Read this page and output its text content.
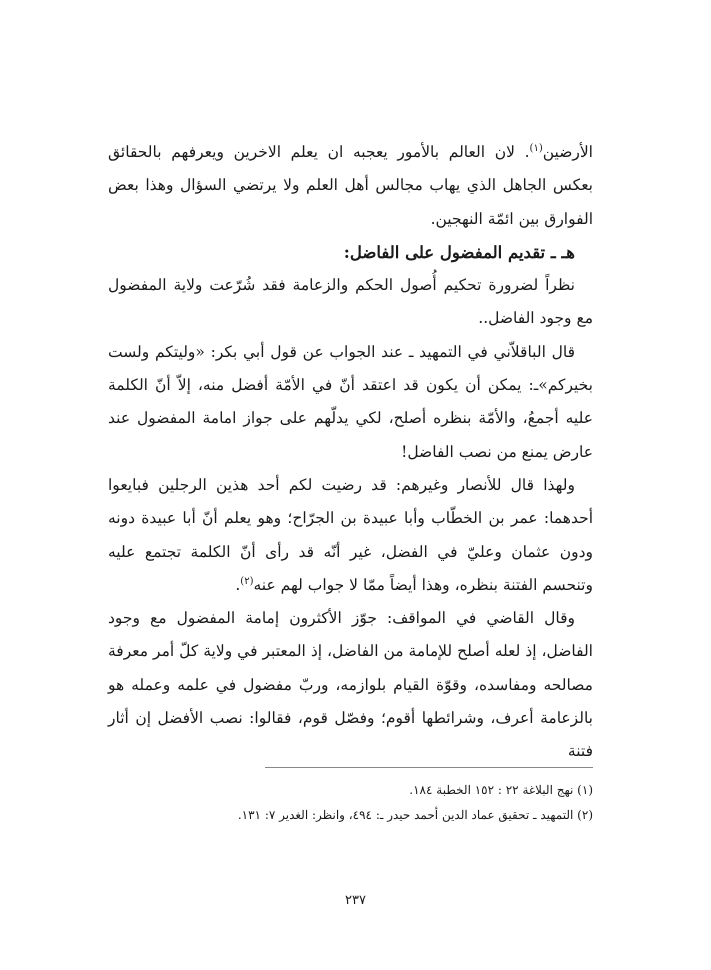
الأرضين$^{(١)}$. لان العالم بالأمور يعجبه ان يعلم الاخرين ويعرفهم بالحقائق بعكس الجاهل الذي يهاب مجالس أهل العلم ولا يرتضي السؤال وهذا بعض الفوارق بين ائمّة النهجين.

هـ ـ تقديم المفضول على الفاضل:

نظراً لضرورة تحكيم أُصول الحكم والزعامة فقد شُرّعت ولاية المفضول مع وجود الفاضل..

قال الباقلاّني في التمهيد ـ عند الجواب عن قول أبي بكر: «وليتكم ولست بخيركم»ـ: يمكن أن يكون قد اعتقد أنّ في الأمّة أفضل منه، إلاّ أنّ الكلمة عليه أجمعُ، والأمّة بنظره أصلح، لكي يدلّهم على جواز امامة المفضول عند عارض يمنع من نصب الفاضل!

ولهذا قال للأنصار وغيرهم: قد رضيت لكم أحد هذين الرجلين فبايعوا أحدهما: عمر بن الخطّاب وأبا عبيدة بن الجرّاح؛ وهو يعلم أنّ أبا عبيدة دونه ودون عثمان وعليّ في الفضل، غير أنّه قد رأى أنّ الكلمة تجتمع عليه وتنحسم الفتنة بنظره، وهذا أيضاً ممّا لا جواب لهم عنه$^{(٢)}$.

وقال القاضي في المواقف: جوّز الأكثرون إمامة المفضول مع وجود الفاضل، إذ لعله أصلح للإمامة من الفاضل، إذ المعتبر في ولاية كلّ أمر معرفة مصالحه ومفاسده، وقوّة القيام بلوازمه، وربّ مفضول في علمه وعمله هو بالزعامة أعرف، وشرائطها أقوم؛ وفصّل قوم، فقالوا: نصب الأفضل إن أثار فتنة

(١) نهج البلاغة ٢٢ : ١٥٢ الخطبة ١٨٤.

(٢) التمهيد ـ تحقيق عماد الدين أحمد حيدر ـ: ٤٩٤، وانظر: الغدير ٧: ١٣١.

٢٣٧
